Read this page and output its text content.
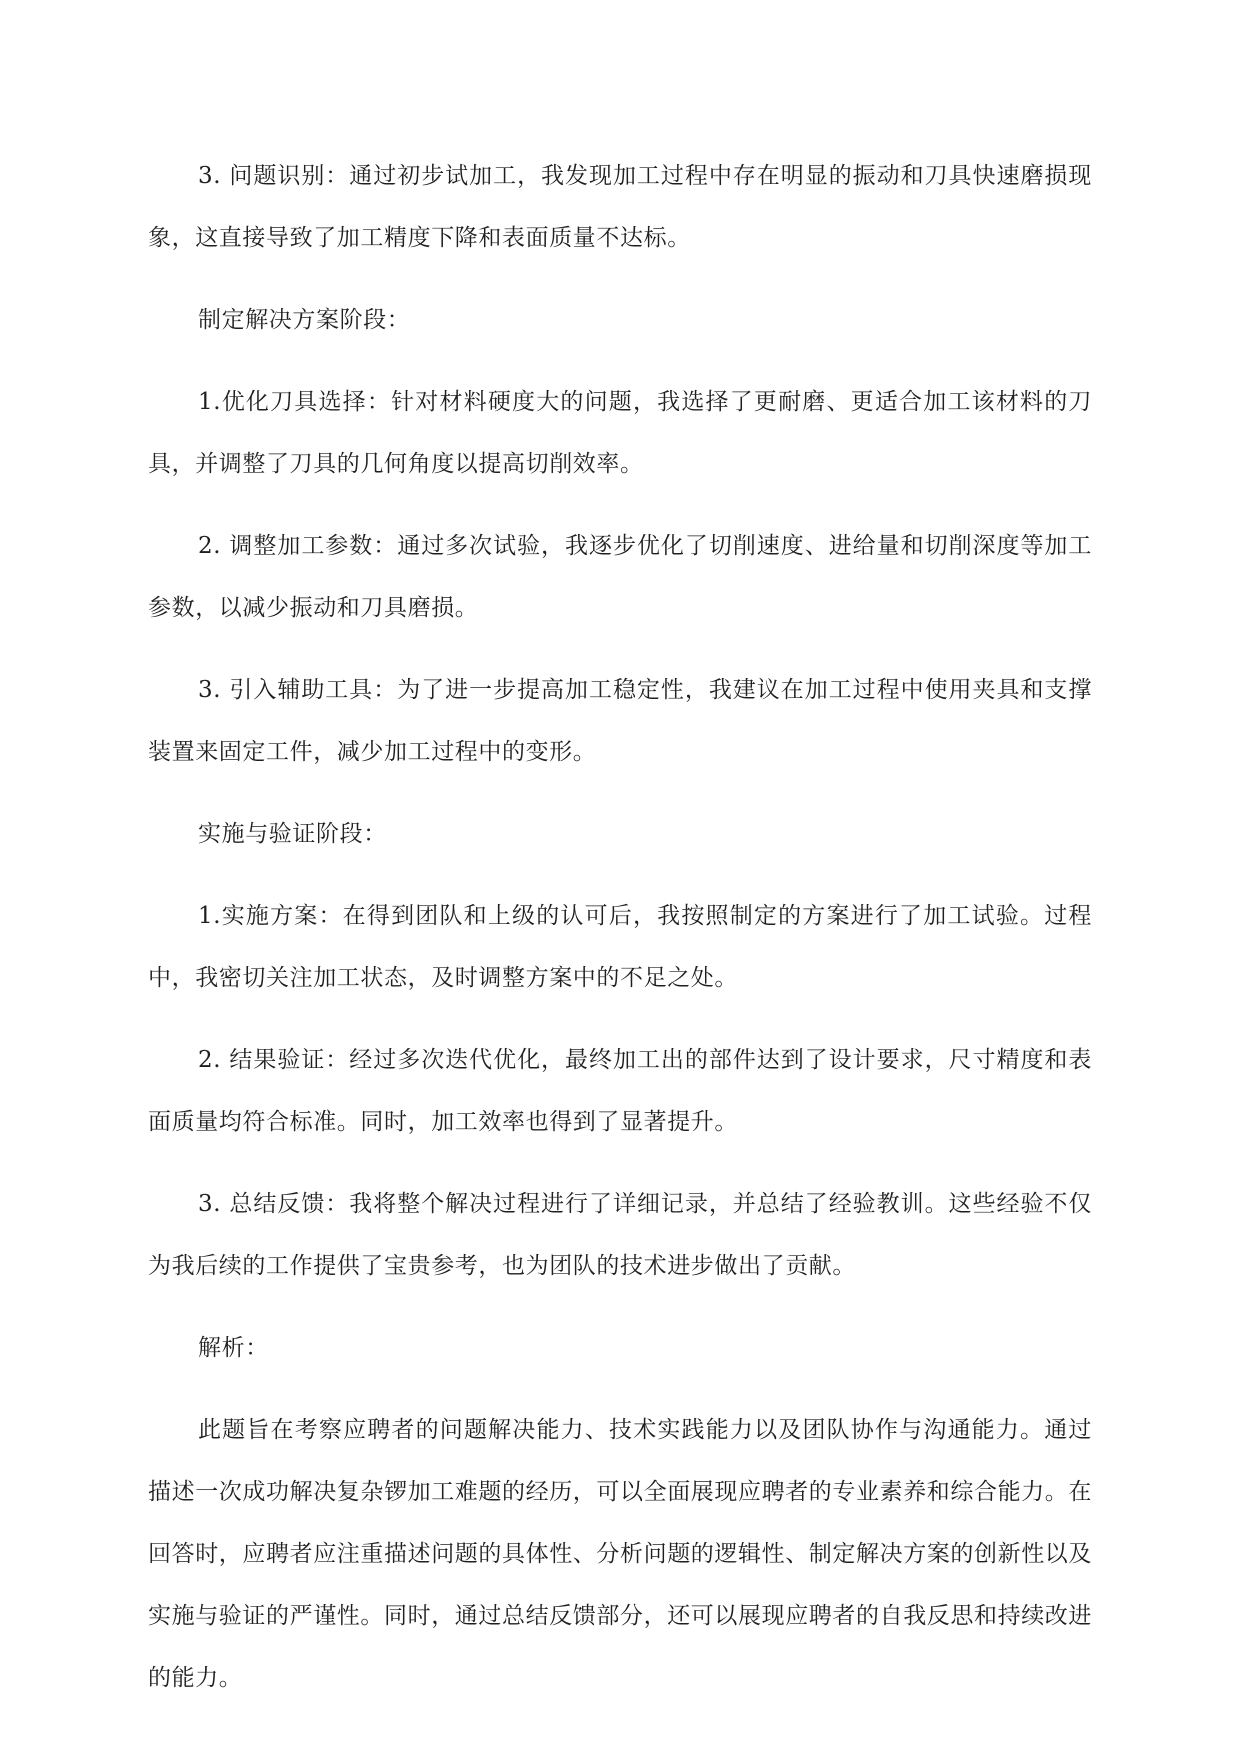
3. 问题识别：通过初步试加工，我发现加工过程中存在明显的振动和刀具快速磨损现象，这直接导致了加工精度下降和表面质量不达标。

制定解决方案阶段：

1.优化刀具选择：针对材料硬度大的问题，我选择了更耐磨、更适合加工该材料的刀具，并调整了刀具的几何角度以提高切削效率。

2. 调整加工参数：通过多次试验，我逐步优化了切削速度、进给量和切削深度等加工参数，以减少振动和刀具磨损。

3. 引入辅助工具：为了进一步提高加工稳定性，我建议在加工过程中使用夹具和支撑装置来固定工件，减少加工过程中的变形。

实施与验证阶段：

1.实施方案：在得到团队和上级的认可后，我按照制定的方案进行了加工试验。过程中，我密切关注加工状态，及时调整方案中的不足之处。

2. 结果验证：经过多次迭代优化，最终加工出的部件达到了设计要求，尺寸精度和表面质量均符合标准。同时，加工效率也得到了显著提升。

3. 总结反馈：我将整个解决过程进行了详细记录，并总结了经验教训。这些经验不仅为我后续的工作提供了宝贵参考，也为团队的技术进步做出了贡献。

解析：

此题旨在考察应聘者的问题解决能力、技术实践能力以及团队协作与沟通能力。通过描述一次成功解决复杂锣加工难题的经历，可以全面展现应聘者的专业素养和综合能力。在回答时，应聘者应注重描述问题的具体性、分析问题的逻辑性、制定解决方案的创新性以及实施与验证的严谨性。同时，通过总结反馈部分，还可以展现应聘者的自我反思和持续改进的能力。
